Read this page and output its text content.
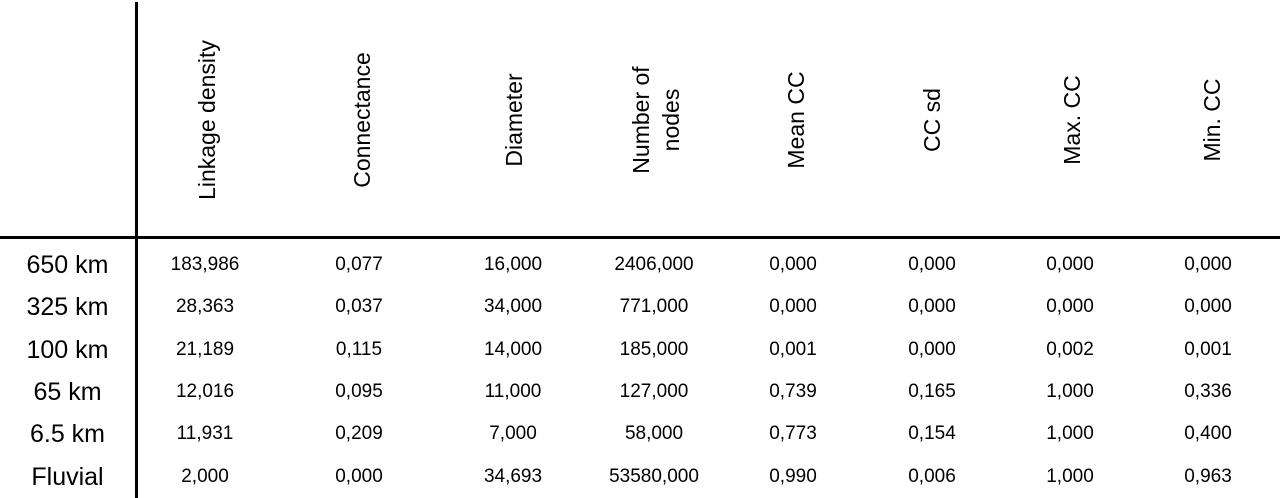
Linkage density	Connectance	Diameter	Number of nodes	Mean CC	CC sd	Max. CC	Min. CC
650 km	183,986	0,077	16,000	2406,000	0,000	0,000	0,000	0,000
325 km	28,363	0,037	34,000	771,000	0,000	0,000	0,000	0,000
100 km	21,189	0,115	14,000	185,000	0,001	0,000	0,002	0,001
65 km	12,016	0,095	11,000	127,000	0,739	0,165	1,000	0,336
6.5 km	11,931	0,209	7,000	58,000	0,773	0,154	1,000	0,400
Fluvial	2,000	0,000	34,693	53580,000	0,990	0,006	1,000	0,963
